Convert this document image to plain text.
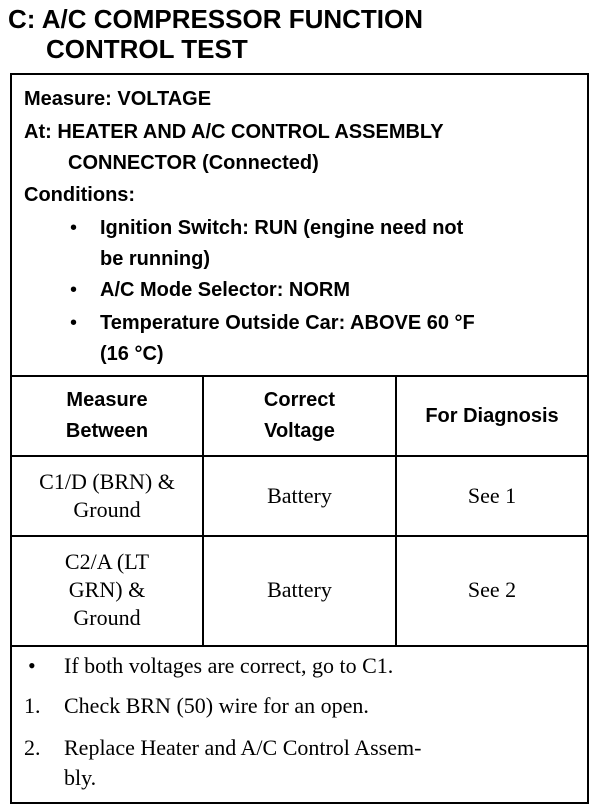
C: A/C COMPRESSOR FUNCTION
CONTROL TEST
Measure: VOLTAGE
At: HEATER AND A/C CONTROL ASSEMBLY
CONNECTOR (Connected)
Conditions:
• Ignition Switch: RUN (engine need not
be running)
• A/C Mode Selector: NORM
• Temperature Outside Car: ABOVE 60 °F
(16 °C)
Measure
Between
Correct
Voltage
For Diagnosis
C1/D (BRN) &
Ground
Battery	See 1
C2/A (LT
GRN) &
Ground
Battery	See 2
• If both voltages are correct, go to C1.
1. Check BRN (50) wire for an open.
2. Replace Heater and A/C Control Assem-
bly.
